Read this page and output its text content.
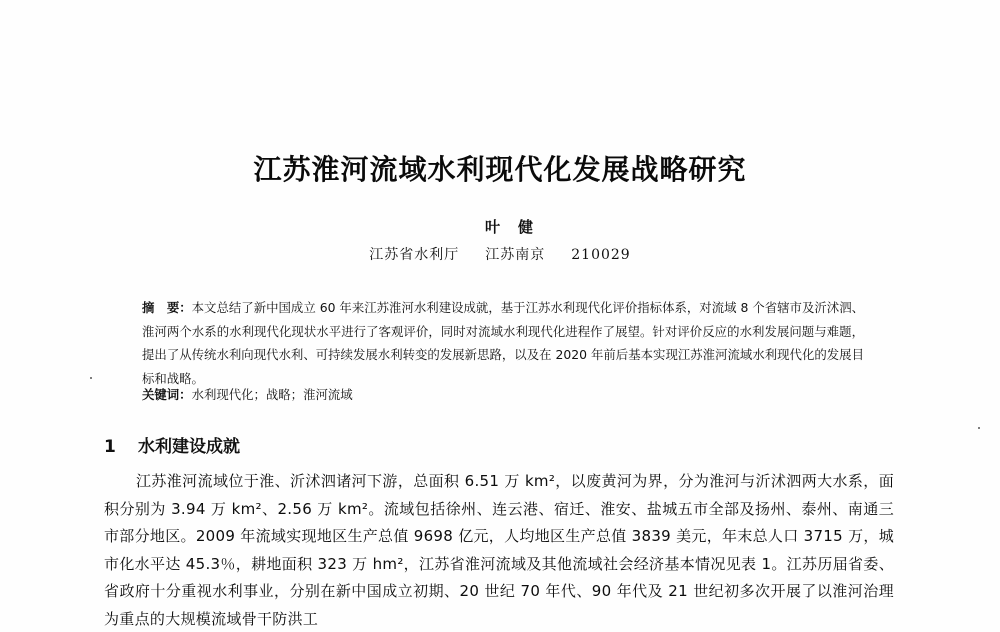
江苏淮河流域水利现代化发展战略研究
叶健
江苏省水利厅 江苏南京 210029
摘　要：本文总结了新中国成立 60 年来江苏淮河水利建设成就，基于江苏水利现代化评价指标体系，对流域 8 个省辖市及沂沭泗、淮河两个水系的水利现代化现状水平进行了客观评价，同时对流域水利现代化进程作了展望。针对评价反应的水利发展问题与难题，提出了从传统水利向现代水利、可持续发展水利转变的发展新思路，以及在 2020 年前后基本实现江苏淮河流域水利现代化的发展目标和战略。
关键词：水利现代化；战略；淮河流域
1 水利建设成就
江苏淮河流域位于淮、沂沭泗诸河下游，总面积 6.51 万 km²，以废黄河为界，分为淮河与沂沭泗两大水系，面积分别为 3.94 万 km²、2.56 万 km²。流域包括徐州、连云港、宿迁、淮安、盐城五市全部及扬州、泰州、南通三市部分地区。2009 年流域实现地区生产总值 9698 亿元，人均地区生产总值 3839 美元，年末总人口 3715 万，城市化水平达 45.3％，耕地面积 323 万 hm²，江苏省淮河流域及其他流域社会经济基本情况见表 1。江苏历届省委、省政府十分重视水利事业，分别在新中国成立初期、20 世纪 70 年代、90 年代及 21 世纪初多次开展了以淮河治理为重点的大规模流域骨干防洪工
